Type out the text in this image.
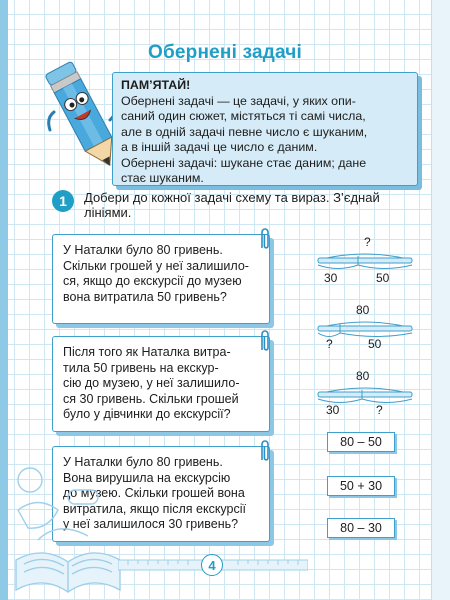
Обернені задачі

ПАМ’ЯТАЙ!

Обернені задачі — це задачі, у яких опи-

саний один сюжет, містяться ті самі числа,

але в одній задачі певне число є шуканим,

а в іншій задачі це число є даним.

Обернені задачі: шукане стає даним; дане

стає шуканим.

1	Добери до кожної задачі схему та вираз. З’єднай
лініями.

У Наталки було 80 гривень.

Скільки грошей у неї залишило-

ся, якщо до екскурсії до музею

вона витратила 50 гривень?

Після того як Наталка витра-

тила 50 гривень на екскур-

сію до музею, у неї залишило-

ся 30 гривень. Скільки грошей

було у дівчинки до екскурсії?

У Наталки було 80 гривень.

Вона вирушила на екскурсію

до музею. Скільки грошей вона

витратила, якщо після екскурсії

у неї залишилося 30 гривень?

?
30	50
80
?	50
80
30	?
80 – 50
50 + 30
80 – 30
4
